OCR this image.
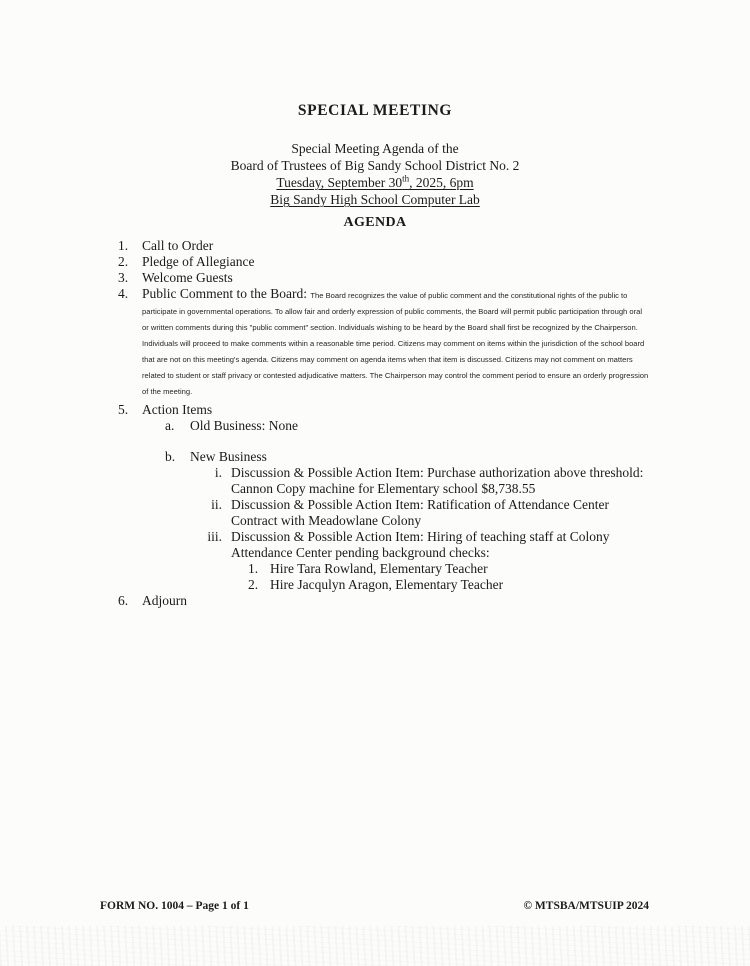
SPECIAL MEETING
Special Meeting Agenda of the
Board of Trustees of Big Sandy School District No. 2
Tuesday, September 30th, 2025, 6pm
Big Sandy High School Computer Lab
AGENDA
1.	Call to Order
2.	Pledge of Allegiance
3.	Welcome Guests
4.	Public Comment to the Board: The Board recognizes the value of public comment and the constitutional rights of the public to participate in governmental operations. To allow fair and orderly expression of public comments, the Board will permit public participation through oral or written comments during this "public comment" section. Individuals wishing to be heard by the Board shall first be recognized by the Chairperson. Individuals will proceed to make comments within a reasonable time period. Citizens may comment on items within the jurisdiction of the school board that are not on this meeting's agenda. Citizens may comment on agenda items when that item is discussed. Citizens may not comment on matters related to student or staff privacy or contested adjudicative matters. The Chairperson may control the comment period to ensure an orderly progression of the meeting.
5.	Action Items
a.	Old Business: None
b.	New Business
i. Discussion & Possible Action Item: Purchase authorization above threshold: Cannon Copy machine for Elementary school $8,738.55
ii. Discussion & Possible Action Item: Ratification of Attendance Center Contract with Meadowlane Colony
iii. Discussion & Possible Action Item: Hiring of teaching staff at Colony Attendance Center pending background checks:
1. Hire Tara Rowland, Elementary Teacher
2. Hire Jacqulyn Aragon, Elementary Teacher
6.	Adjourn
FORM NO. 1004 – Page 1 of 1	© MTSBA/MTSUIP 2024
